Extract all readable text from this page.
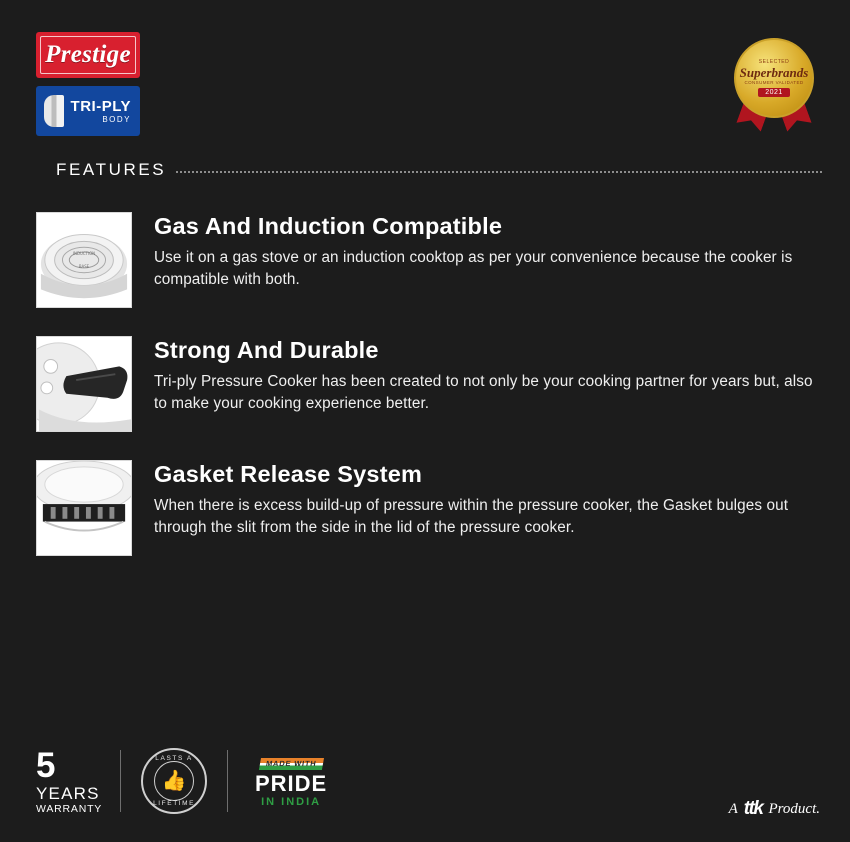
Prestige
TRI-PLY
BODY
SELECTED
Superbrands
CONSUMER VALIDATED
2021
FEATURES
INDUCTION
BASE
Gas And Induction Compatible
Use it on a gas stove or an induction cooktop as per your convenience because the cooker is compatible with both.
Strong And Durable
Tri-ply Pressure Cooker has been created to not only be your cooking partner for years but, also to make your cooking experience better.
Gasket Release System
When there is excess build-up of pressure within the pressure cooker, the Gasket bulges out through the slit from the side in the lid of the pressure cooker.
5
YEARS
WARRANTY
LASTS A
👍
LIFETIME
MADE WITH
PRIDE
IN INDIA	A ttk Product.
